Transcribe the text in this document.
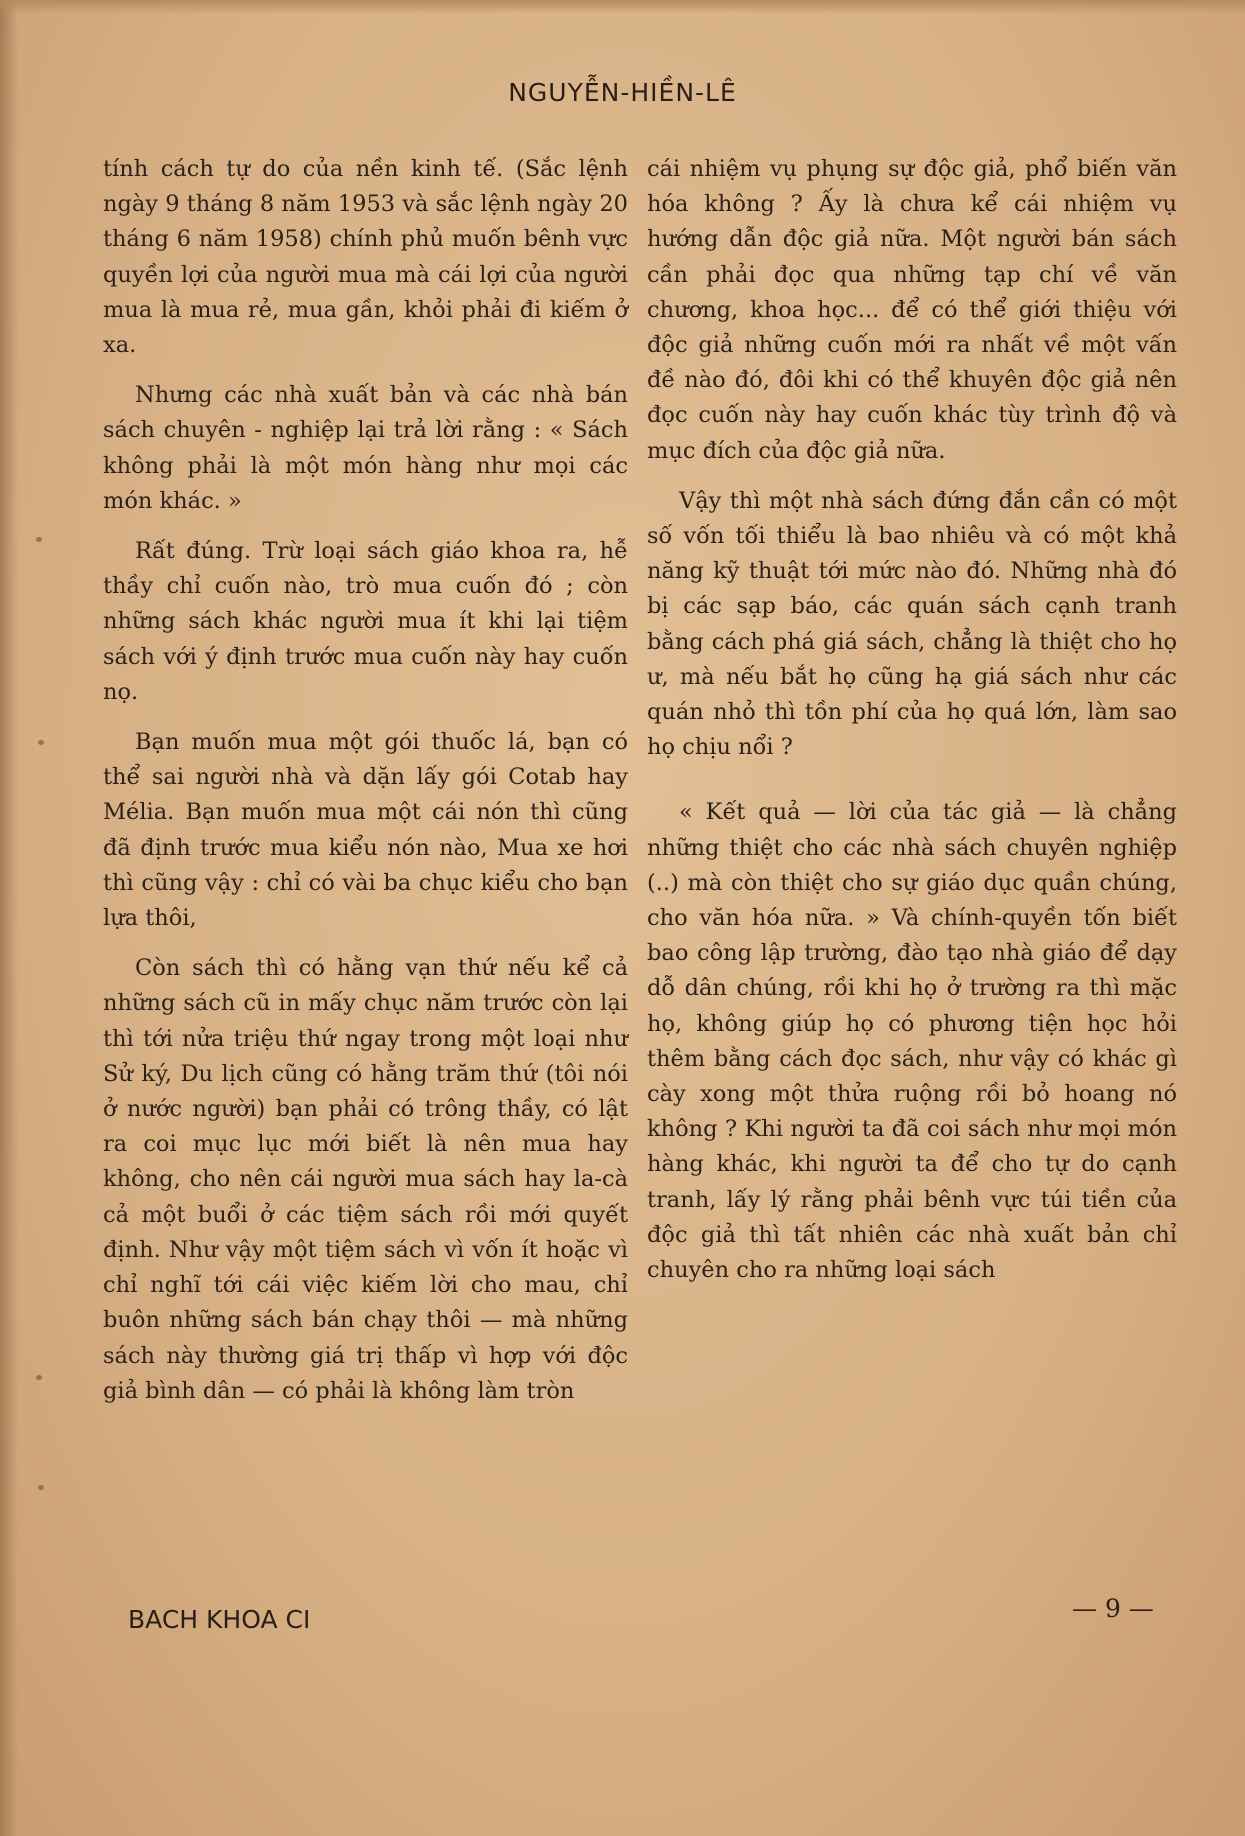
NGUYỄN-HIỀN-LÊ

tính cách tự do của nền kinh tế. (Sắc lệnh ngày 9 tháng 8 năm 1953 và sắc lệnh ngày 20 tháng 6 năm 1958) chính phủ muốn bênh vực quyền lợi của người mua mà cái lợi của người mua là mua rẻ, mua gần, khỏi phải đi kiếm ở xa.

Nhưng các nhà xuất bản và các nhà bán sách chuyên - nghiệp lại trả lời rằng : « Sách không phải là một món hàng như mọi các món khác. »

Rất đúng. Trừ loại sách giáo khoa ra, hễ thầy chỉ cuốn nào, trò mua cuốn đó ; còn những sách khác người mua ít khi lại tiệm sách với ý định trước mua cuốn này hay cuốn nọ.

Bạn muốn mua một gói thuốc lá, bạn có thể sai người nhà và dặn lấy gói Cotab hay Mélia. Bạn muốn mua một cái nón thì cũng đã định trước mua kiểu nón nào, Mua xe hơi thì cũng vậy : chỉ có vài ba chục kiểu cho bạn lựa thôi,

Còn sách thì có hằng vạn thứ nếu kể cả những sách cũ in mấy chục năm trước còn lại thì tới nửa triệu thứ ngay trong một loại như Sử ký, Du lịch cũng có hằng trăm thứ (tôi nói ở nước người) bạn phải có trông thầy, có lật ra coi mục lục mới biết là nên mua hay không, cho nên cái người mua sách hay la-cà cả một buổi ở các tiệm sách rồi mới quyết định. Như vậy một tiệm sách vì vốn ít hoặc vì chỉ nghĩ tới cái việc kiếm lời cho mau, chỉ buôn những sách bán chạy thôi — mà những sách này thường giá trị thấp vì hợp với độc giả bình dân — có phải là không làm tròn

cái nhiệm vụ phụng sự độc giả, phổ biến văn hóa không ? Ấy là chưa kể cái nhiệm vụ hướng dẫn độc giả nữa. Một người bán sách cần phải đọc qua những tạp chí về văn chương, khoa học... để có thể giới thiệu với độc giả những cuốn mới ra nhất về một vấn đề nào đó, đôi khi có thể khuyên độc giả nên đọc cuốn này hay cuốn khác tùy trình độ và mục đích của độc giả nữa.

Vậy thì một nhà sách đứng đắn cần có một số vốn tối thiểu là bao nhiêu và có một khả năng kỹ thuật tới mức nào đó. Những nhà đó bị các sạp báo, các quán sách cạnh tranh bằng cách phá giá sách, chẳng là thiệt cho họ ư, mà nếu bắt họ cũng hạ giá sách như các quán nhỏ thì tồn phí của họ quá lớn, làm sao họ chịu nổi ?

« Kết quả — lời của tác giả — là chẳng những thiệt cho các nhà sách chuyên nghiệp (..) mà còn thiệt cho sự giáo dục quần chúng, cho văn hóa nữa. » Và chính-quyền tốn biết bao công lập trường, đào tạo nhà giáo để dạy dỗ dân chúng, rồi khi họ ở trường ra thì mặc họ, không giúp họ có phương tiện học hỏi thêm bằng cách đọc sách, như vậy có khác gì cày xong một thửa ruộng rồi bỏ hoang nó không ? Khi người ta đã coi sách như mọi món hàng khác, khi người ta để cho tự do cạnh tranh, lấy lý rằng phải bênh vực túi tiền của độc giả thì tất nhiên các nhà xuất bản chỉ chuyên cho ra những loại sách

BACH KHOA CI	— 9 —
